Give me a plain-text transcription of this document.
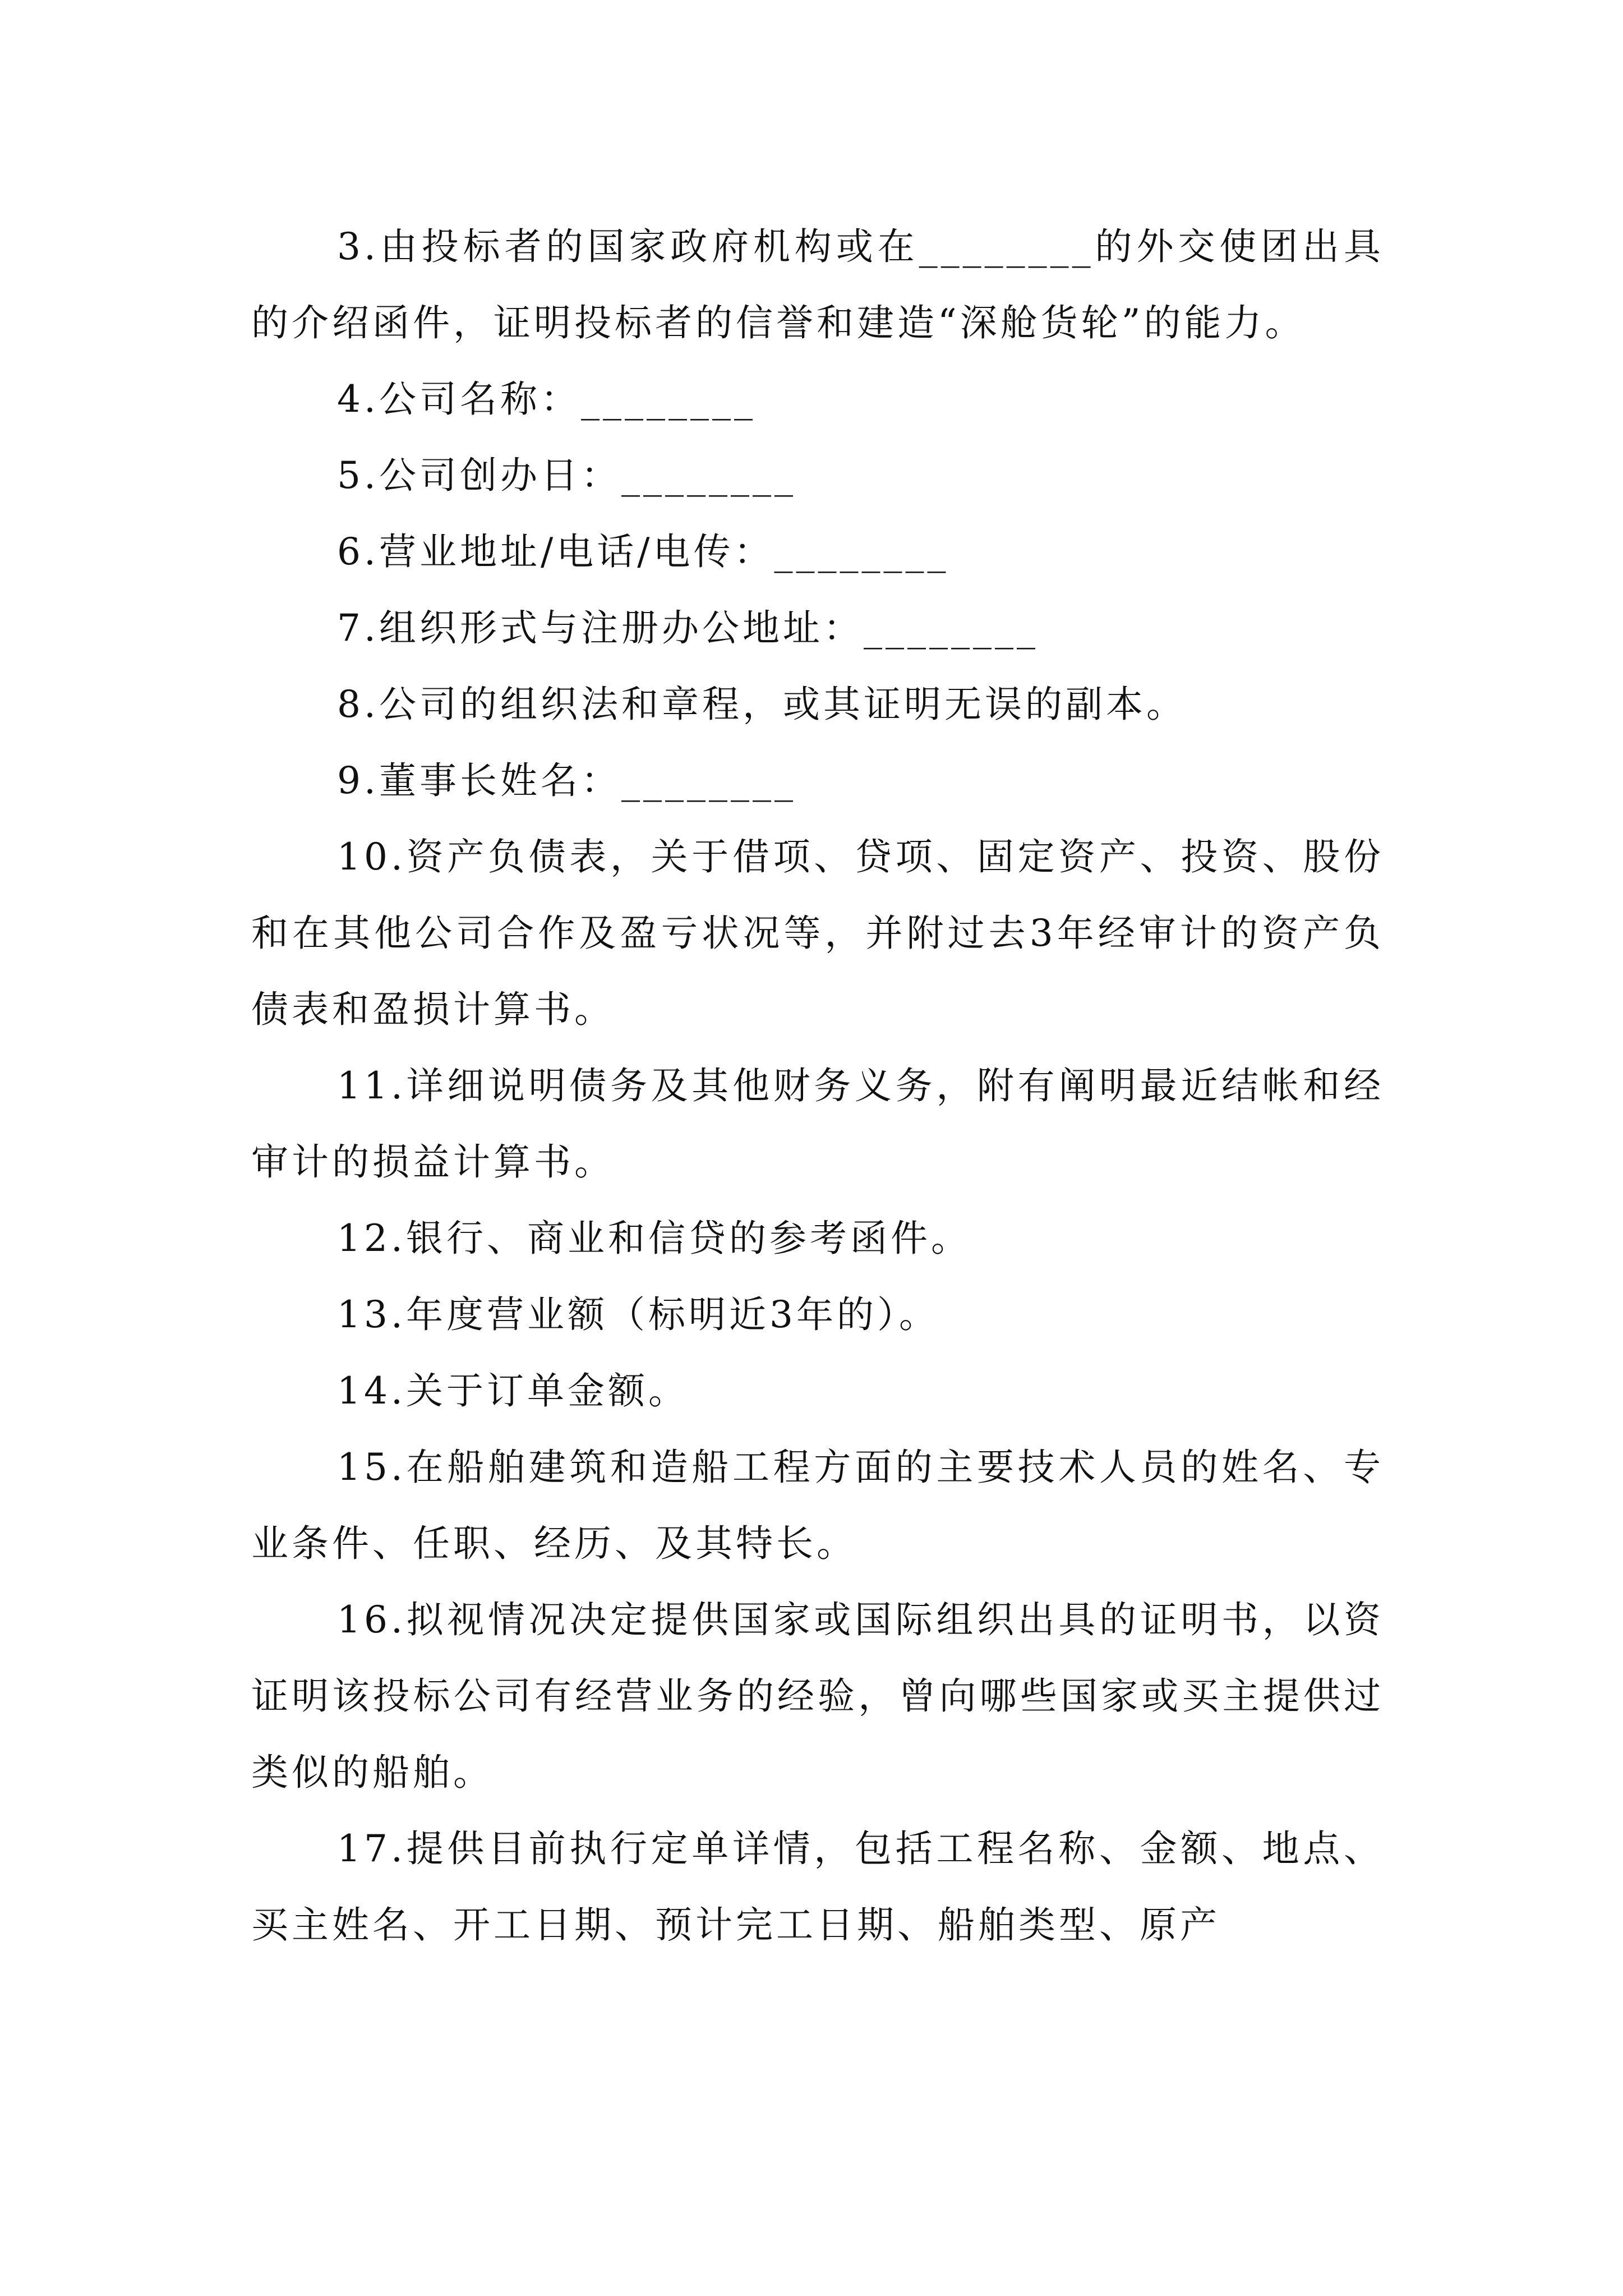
3.由投标者的国家政府机构或在________的外交使团出具的介绍函件，证明投标者的信誉和建造“深舱货轮”的能力。

4.公司名称：________

5.公司创办日：________

6.营业地址/电话/电传：________

7.组织形式与注册办公地址：________

8.公司的组织法和章程，或其证明无误的副本。

9.董事长姓名：________

10.资产负债表，关于借项、贷项、固定资产、投资、股份和在其他公司合作及盈亏状况等，并附过去3年经审计的资产负债表和盈损计算书。

11.详细说明债务及其他财务义务，附有阐明最近结帐和经审计的损益计算书。

12.银行、商业和信贷的参考函件。

13.年度营业额（标明近3年的）。

14.关于订单金额。

15.在船舶建筑和造船工程方面的主要技术人员的姓名、专业条件、任职、经历、及其特长。

16.拟视情况决定提供国家或国际组织出具的证明书，以资证明该投标公司有经营业务的经验，曾向哪些国家或买主提供过类似的船舶。

17.提供目前执行定单详情，包括工程名称、金额、地点、买主姓名、开工日期、预计完工日期、船舶类型、原产
